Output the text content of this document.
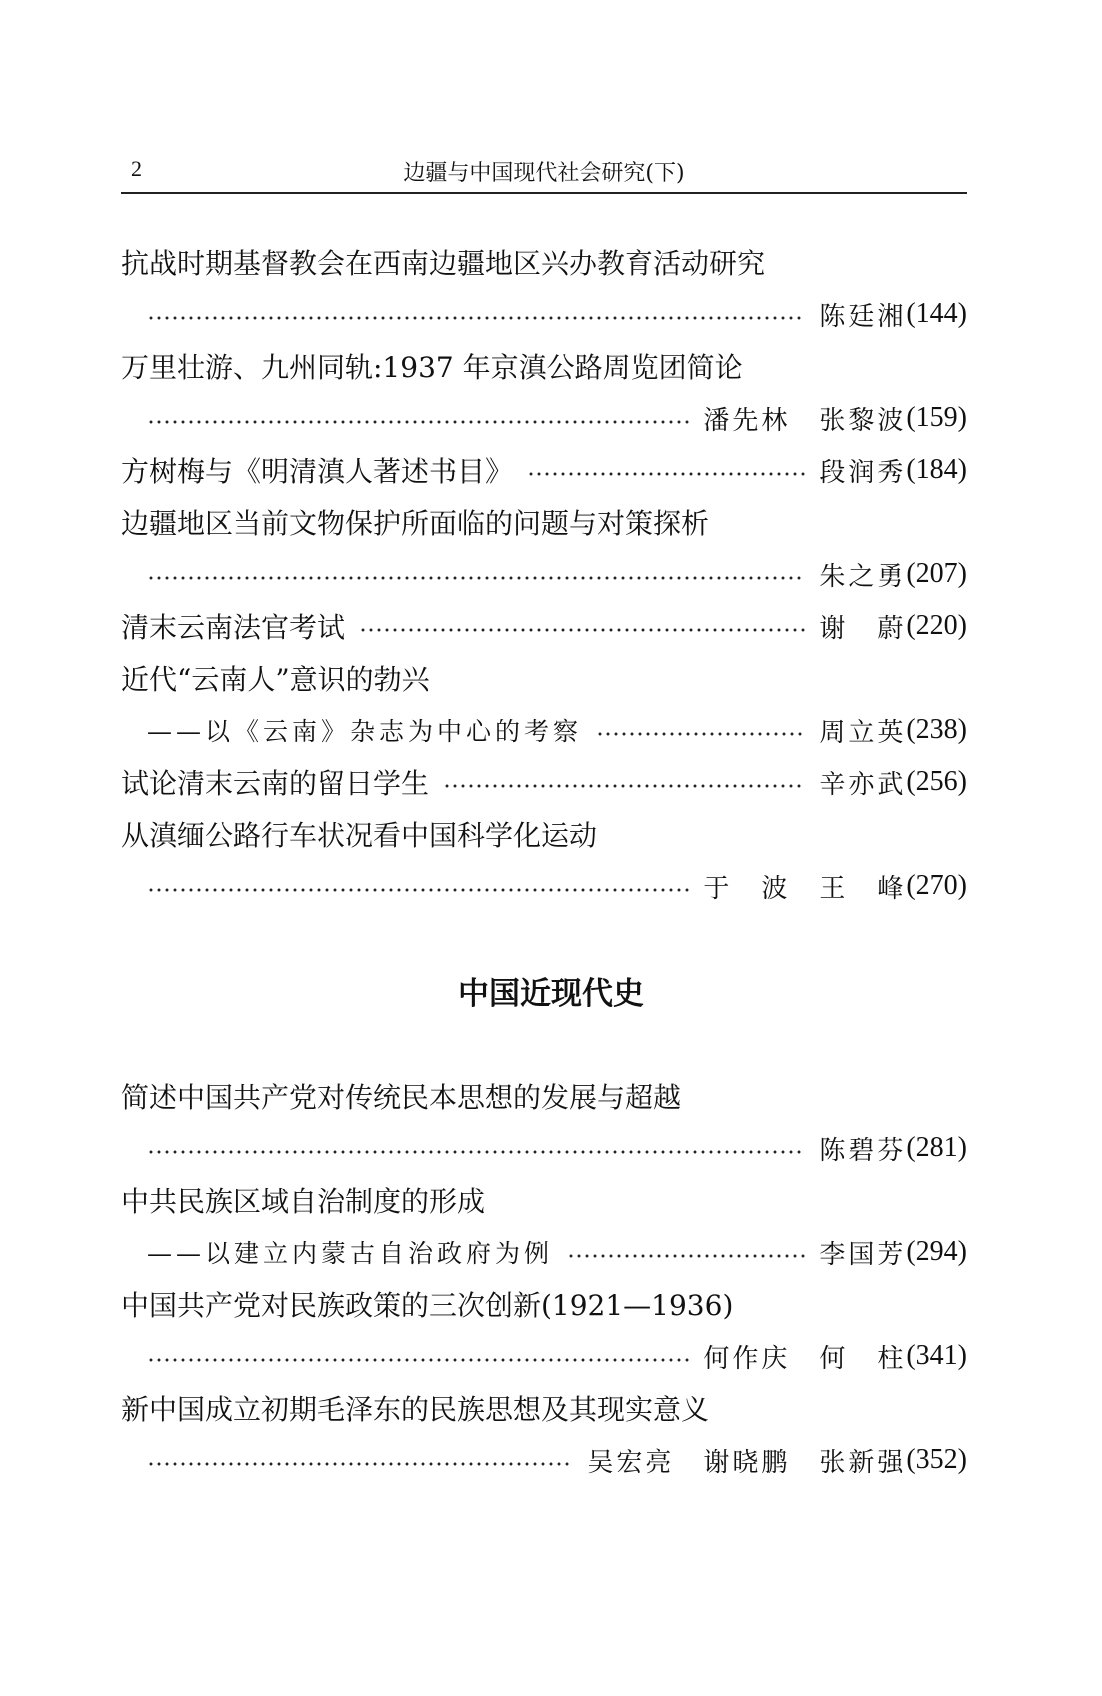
2	边疆与中国现代社会研究(下)
抗战时期基督教会在西南边疆地区兴办教育活动研究
陈廷湘 (144)
万里壮游、九州同轨:1937 年京滇公路周览团简论
潘先林　张黎波 (159)
方树梅与《明清滇人著述书目》	段润秀 (184)
边疆地区当前文物保护所面临的问题与对策探析
朱之勇 (207)
清末云南法官考试	谢　蔚 (220)
近代“云南人”意识的勃兴
——以《云南》杂志为中心的考察	周立英 (238)
试论清末云南的留日学生	辛亦武 (256)
从滇缅公路行车状况看中国科学化运动
于　波　王　峰 (270)
中国近现代史
简述中国共产党对传统民本思想的发展与超越
陈碧芬 (281)
中共民族区域自治制度的形成
——以建立内蒙古自治政府为例	李国芳 (294)
中国共产党对民族政策的三次创新(1921—1936)
何作庆　何　柱 (341)
新中国成立初期毛泽东的民族思想及其现实意义
吴宏亮　谢晓鹏　张新强 (352)
